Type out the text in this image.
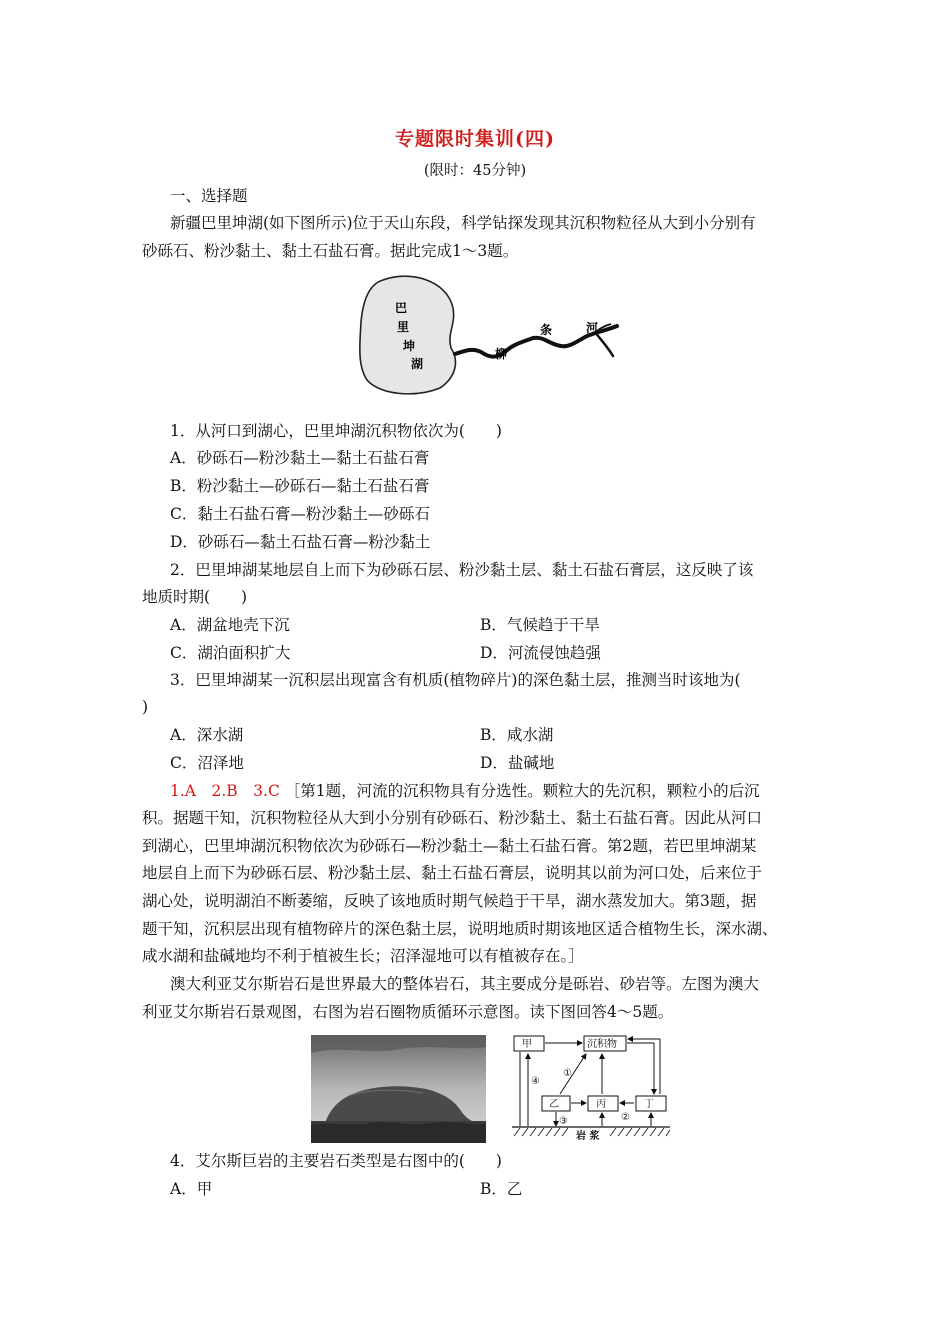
专题限时集训(四)
(限时：45分钟)
一、选择题
新疆巴里坤湖(如下图所示)位于天山东段，科学钻探发现其沉积物粒径从大到小分别有
砂砾石、粉沙黏土、黏土石盐石膏。据此完成1～3题。
巴
里
坤
湖
柳
条	河
1．从河口到湖心，巴里坤湖沉积物依次为(　　)
A．砂砾石—粉沙黏土—黏土石盐石膏
B．粉沙黏土—砂砾石—黏土石盐石膏
C．黏土石盐石膏—粉沙黏土—砂砾石
D．砂砾石—黏土石盐石膏—粉沙黏土
2．巴里坤湖某地层自上而下为砂砾石层、粉沙黏土层、黏土石盐石膏层，这反映了该
地质时期(　　)
A．湖盆地壳下沉	B．气候趋于干旱
C．湖泊面积扩大	D．河流侵蚀趋强
3．巴里坤湖某一沉积层出现富含有机质(植物碎片)的深色黏土层，推测当时该地为(
)
A．深水湖	B．咸水湖
C．沼泽地	D．盐碱地
1.A　2.B　3.C ［第1题，河流的沉积物具有分选性。颗粒大的先沉积，颗粒小的后沉
积。据题干知，沉积物粒径从大到小分别有砂砾石、粉沙黏土、黏土石盐石膏。因此从河口
到湖心，巴里坤湖沉积物依次为砂砾石—粉沙黏土—黏土石盐石膏。第2题，若巴里坤湖某
地层自上而下为砂砾石层、粉沙黏土层、黏土石盐石膏层，说明其以前为河口处，后来位于
湖心处，说明湖泊不断萎缩，反映了该地质时期气候趋于干旱，湖水蒸发加大。第3题，据
题干知，沉积层出现有植物碎片的深色黏土层，说明地质时期该地区适合植物生长，深水湖、
咸水湖和盐碱地均不利于植被生长；沼泽湿地可以有植被存在。］
澳大利亚艾尔斯岩石是世界最大的整体岩石，其主要成分是砾岩、砂岩等。左图为澳大
利亚艾尔斯岩石景观图，右图为岩石圈物质循环示意图。读下图回答4～5题。
甲	沉积物
乙	丙	丁
④
①
②
③
岩 浆
4．艾尔斯巨岩的主要岩石类型是右图中的(　　)
A．甲	B．乙
